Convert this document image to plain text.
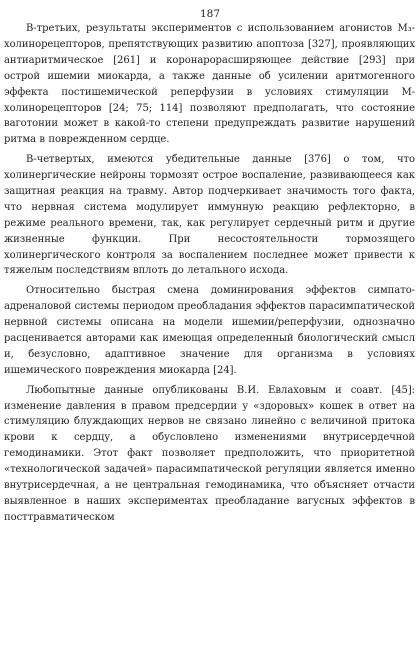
187

В-третьих, результаты экспериментов с использованием агонистов M₃-холинорецепторов, препятствующих развитию апоптоза [327], проявляющих антиаритмическое [261] и коронарорасширяющее действие [293] при острой ишемии миокарда, а также данные об усилении аритмогенного эффекта постишемической реперфузии в условиях стимуляции M-холинорецепторов [24; 75; 114] позволяют предполагать, что состояние ваготонии может в какой-то степени предупреждать развитие нарушений ритма в поврежденном сердце.

В-четвертых, имеются убедительные данные [376] о том, что холинергические нейроны тормозят острое воспаление, развивающееся как защитная реакция на травму. Автор подчеркивает значимость того факта, что нервная система модулирует иммунную реакцию рефлекторно, в режиме реального времени, так, как регулирует сердечный ритм и другие жизненные функции. При несостоятельности тормозящего холинергического контроля за воспалением последнее может привести к тяжелым последствиям вплоть до летального исхода.

Относительно быстрая смена доминирования эффектов симпато-адреналовой системы периодом преобладания эффектов парасимпатической нервной системы описана на модели ишемии/реперфузии, однозначно расценивается авторами как имеющая определенный биологический смысл и, безусловно, адаптивное значение для организма в условиях ишемического повреждения миокарда [24].

Любопытные данные опубликованы В.И. Евлаховым и соавт. [45]: изменение давления в правом предсердии у «здоровых» кошек в ответ на стимуляцию блуждающих нервов не связано линейно с величиной притока крови к сердцу, а обусловлено изменениями внутрисердечной гемодинамики. Этот факт позволяет предположить, что приоритетной «технологической задачей» парасимпатической регуляции является именно внутрисердечная, а не центральная гемодинамика, что объясняет отчасти выявленное в наших экспериментах преобладание вагусных эффектов в посттравматическом
